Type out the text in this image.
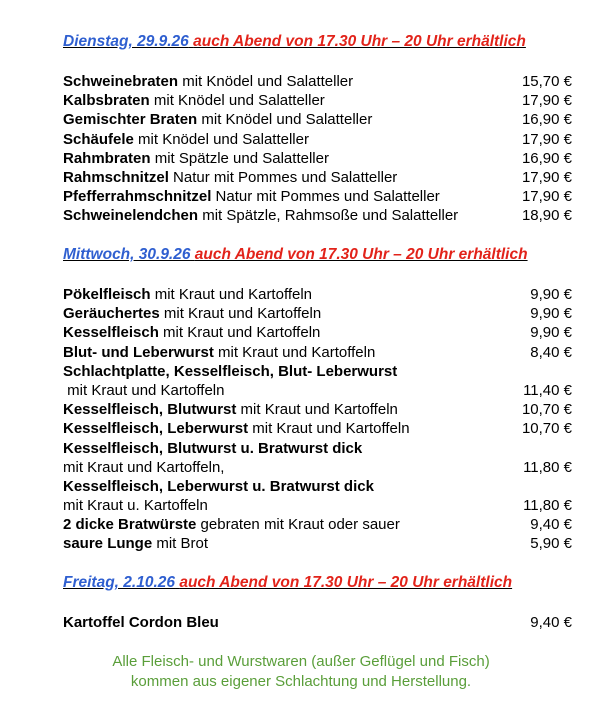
Dienstag, 29.9.26 auch Abend von 17.30 Uhr – 20 Uhr erhältlich
Schweinebraten mit Knödel und Salatteller	15,70 €
Kalbsbraten mit Knödel und Salatteller	17,90 €
Gemischter Braten mit Knödel und Salatteller	16,90 €
Schäufele mit Knödel und Salatteller	17,90 €
Rahmbraten mit Spätzle und Salatteller	16,90 €
Rahmschnitzel Natur mit Pommes und Salatteller	17,90 €
Pfefferrahmschnitzel Natur mit Pommes und Salatteller	17,90 €
Schweinelendchen mit Spätzle, Rahmsoße und Salatteller	18,90 €
Mittwoch, 30.9.26 auch Abend von 17.30 Uhr – 20 Uhr erhältlich
Pökelfleisch mit Kraut und Kartoffeln	9,90 €
Geräuchertes mit Kraut und Kartoffeln	9,90 €
Kesselfleisch mit Kraut und Kartoffeln	9,90 €
Blut- und Leberwurst mit Kraut und Kartoffeln	8,40 €
Schlachtplatte, Kesselfleisch, Blut- Leberwurst
mit Kraut und Kartoffeln	11,40 €
Kesselfleisch, Blutwurst mit Kraut und Kartoffeln	10,70 €
Kesselfleisch, Leberwurst mit Kraut und Kartoffeln	10,70 €
Kesselfleisch, Blutwurst u. Bratwurst dick
mit Kraut und Kartoffeln,	11,80 €
Kesselfleisch, Leberwurst u. Bratwurst dick
mit Kraut u. Kartoffeln	11,80 €
2 dicke Bratwürste gebraten mit Kraut oder sauer	9,40 €
saure Lunge mit Brot	5,90 €
Freitag, 2.10.26 auch Abend von 17.30 Uhr – 20 Uhr erhältlich
Kartoffel Cordon Bleu	9,40 €
Alle Fleisch- und Wurstwaren (außer Geflügel und Fisch)
kommen aus eigener Schlachtung und Herstellung.
